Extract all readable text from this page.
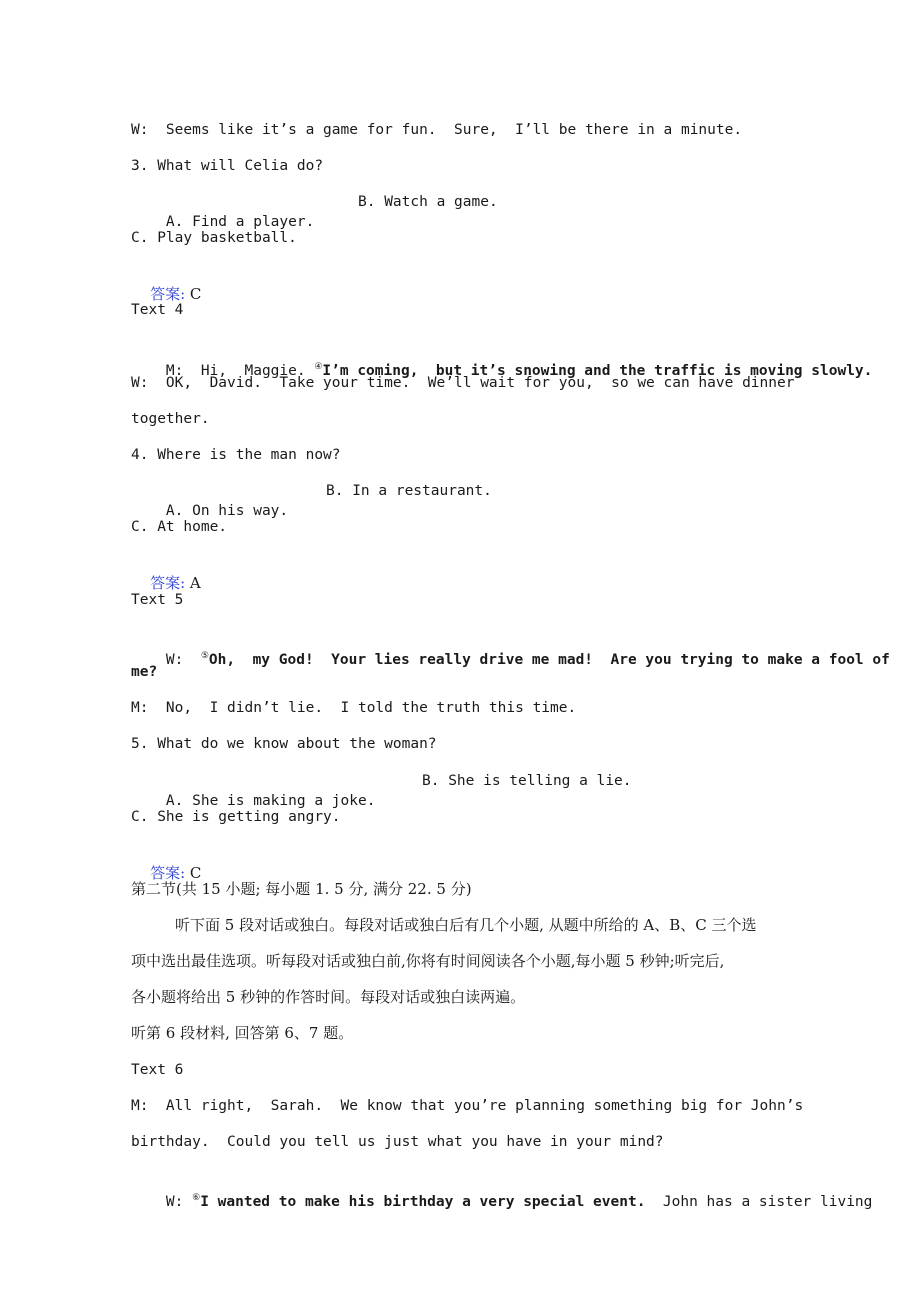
W:  Seems like it’s a game for fun.  Sure,  I’ll be there in a minute.
3. What will Celia do?

A. Find a player.

B. Watch a game.

C. Play basketball.

答案: C

Text 4

M:  Hi,  Maggie. ④I’m coming,  but it’s snowing and the traffic is moving slowly.

W:  OK,  David.  Take your time.  We’ll wait for you,  so we can have dinner
together.
4. Where is the man now?

A. On his way.

B. In a restaurant.

C. At home.

答案: A

Text 5

W:  ⑤Oh,  my God!  Your lies really drive me mad!  Are you trying to make a fool of

me?
M:  No,  I didn’t lie.  I told the truth this time.
5. What do we know about the woman?

A. She is making a joke.

B. She is telling a lie.

C. She is getting angry.

答案: C

第二节(共 15 小题; 每小题 1. 5 分, 满分 22. 5 分)
听下面 5 段对话或独白。每段对话或独白后有几个小题, 从题中所给的 A、B、C 三个选
项中选出最佳选项。听每段对话或独白前,你将有时间阅读各个小题,每小题 5 秒钟;听完后,
各小题将给出 5 秒钟的作答时间。每段对话或独白读两遍。
听第 6 段材料, 回答第 6、7 题。
Text 6
M:  All right,  Sarah.  We know that you’re planning something big for John’s
birthday.  Could you tell us just what you have in your mind?

W: ⑥I wanted to make his birthday a very special event.  John has a sister living
